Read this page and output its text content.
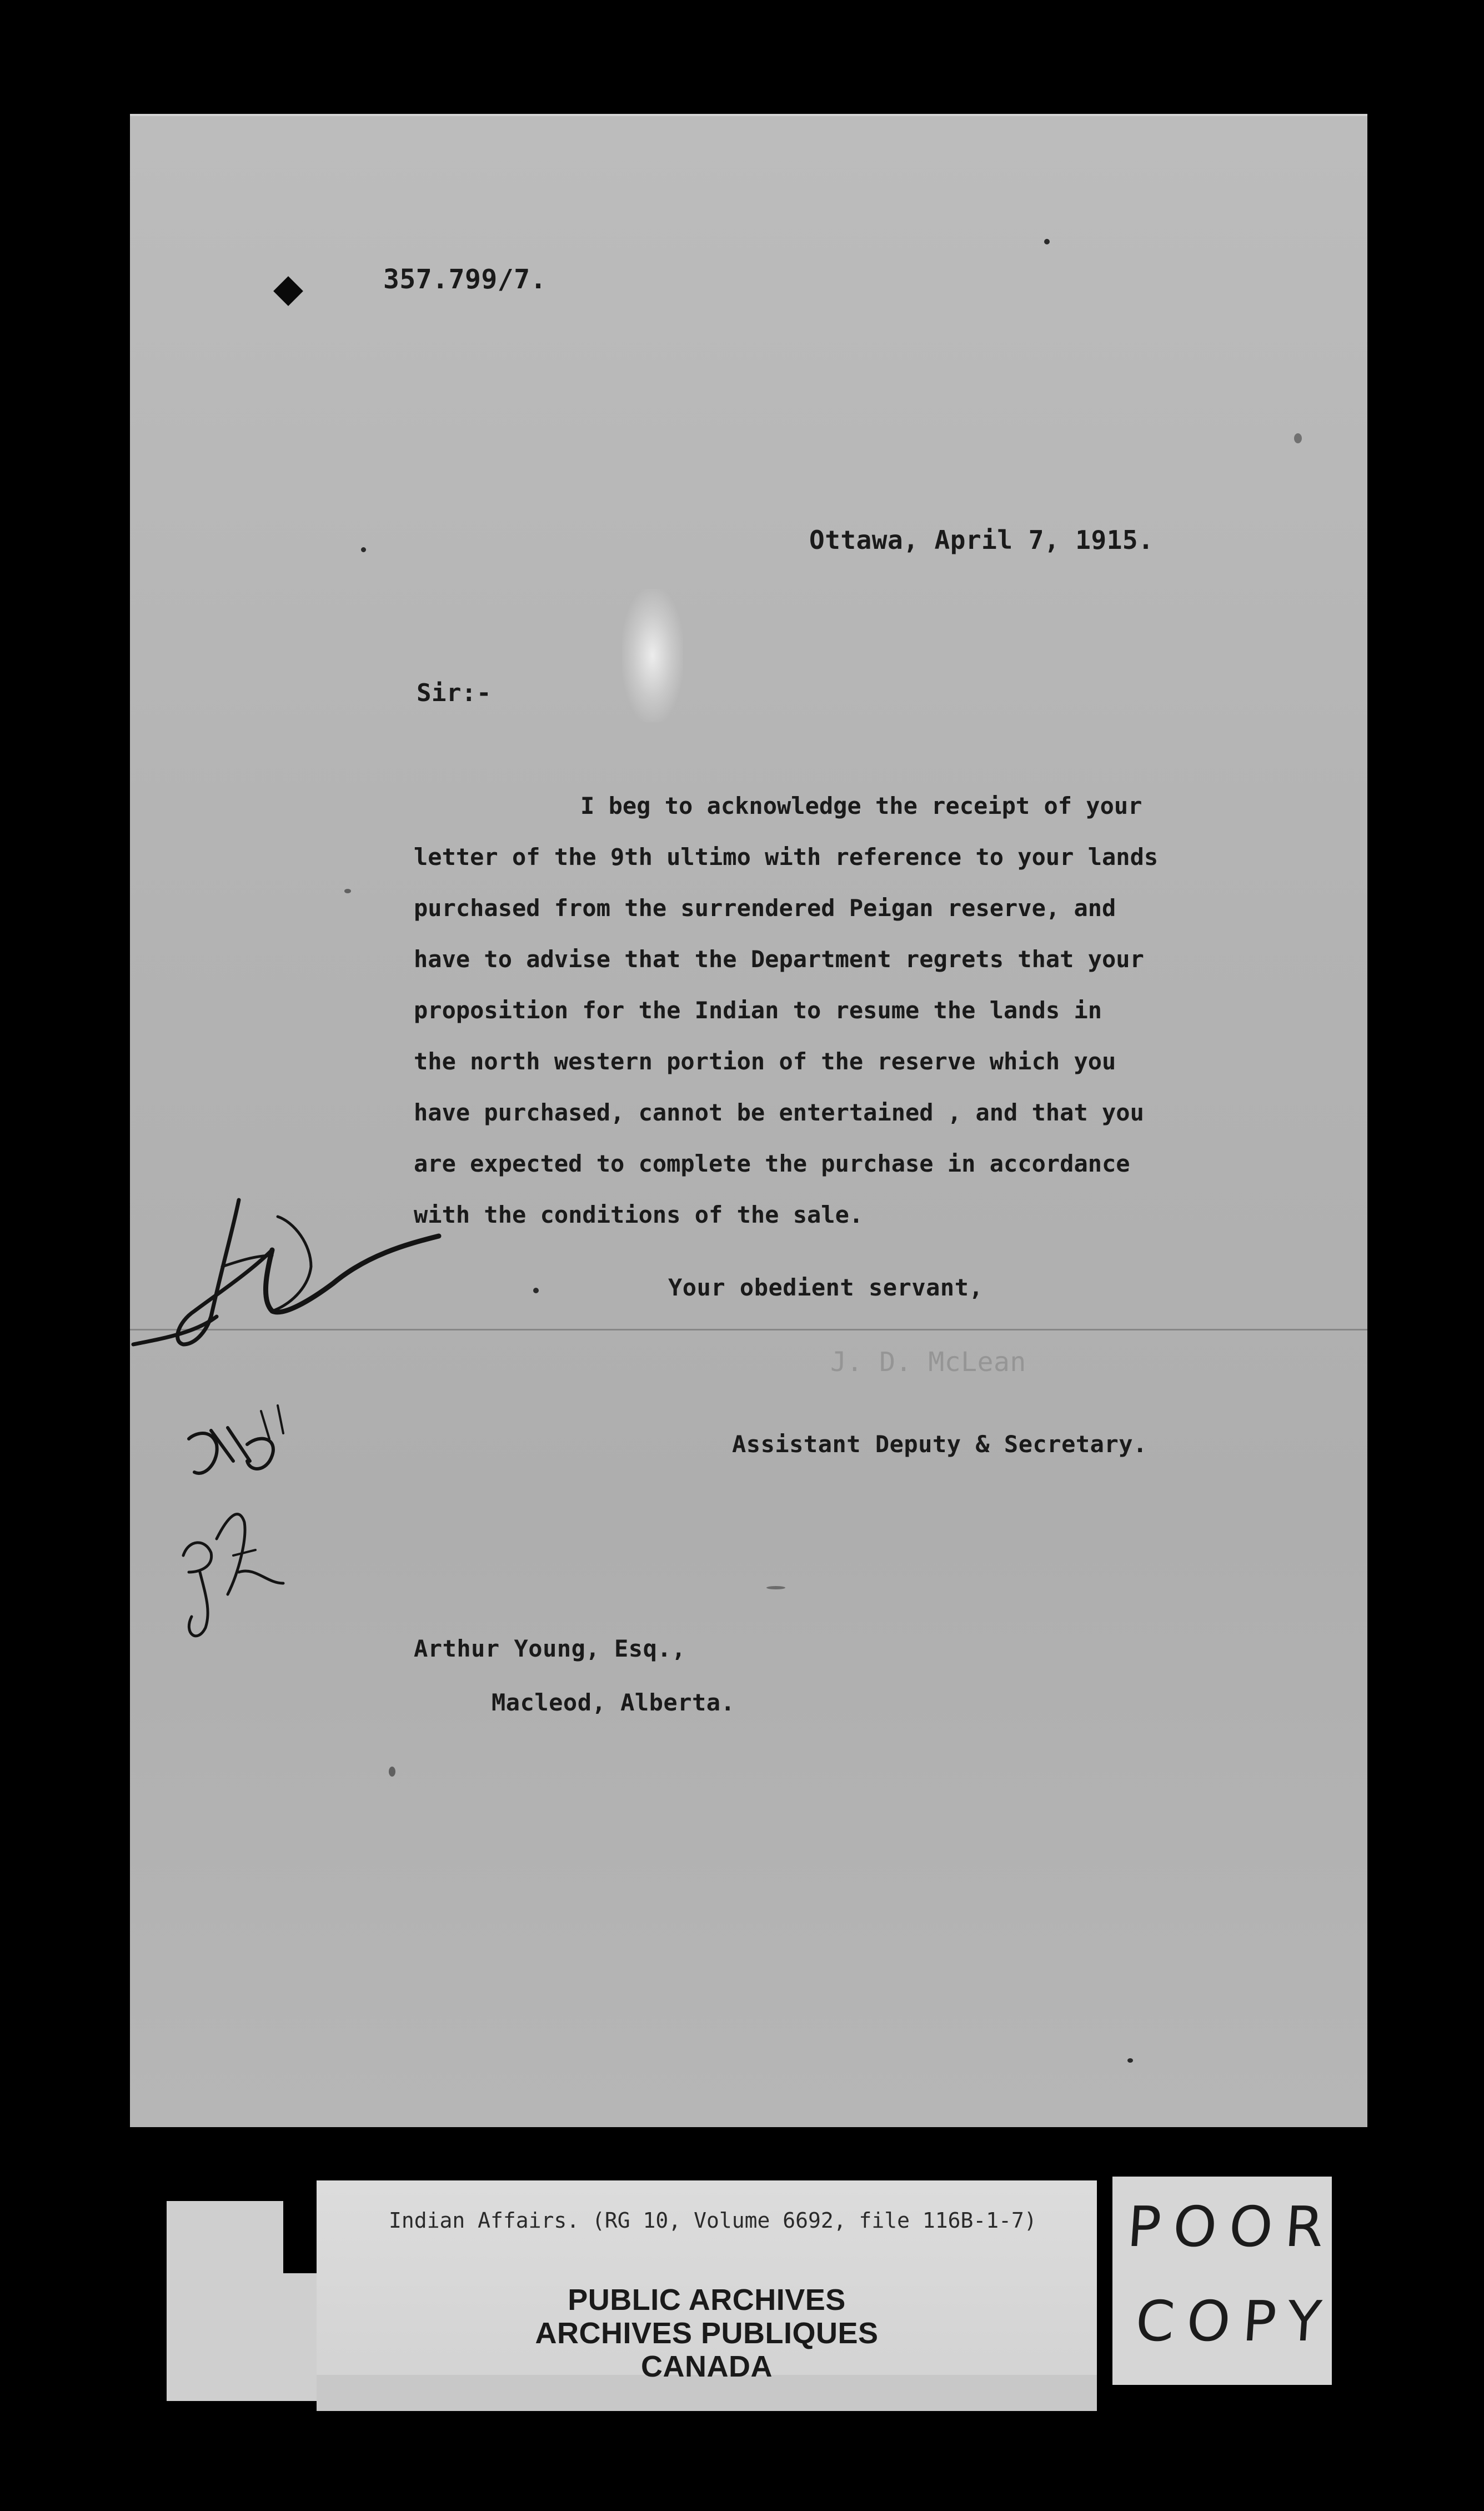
357.799/7.
Ottawa, April 7, 1915.
Sir:-
I beg to acknowledge the receipt of your
letter of the 9th ultimo with reference to your lands
purchased from the surrendered Peigan reserve, and
have to advise that the Department regrets that your
proposition for the Indian to resume the lands in
the north western portion of the reserve which you
have purchased, cannot be entertained , and that you
are expected to complete the purchase in accordance
with the conditions of the sale.
Your obedient servant,
J. D. McLean
Assistant Deputy & Secretary.
Arthur Young, Esq.,
Macleod, Alberta.
Indian Affairs. (RG 10, Volume 6692, file 116B-1-7)
PUBLIC ARCHIVES
ARCHIVES PUBLIQUES
CANADA
POOR
COPY
